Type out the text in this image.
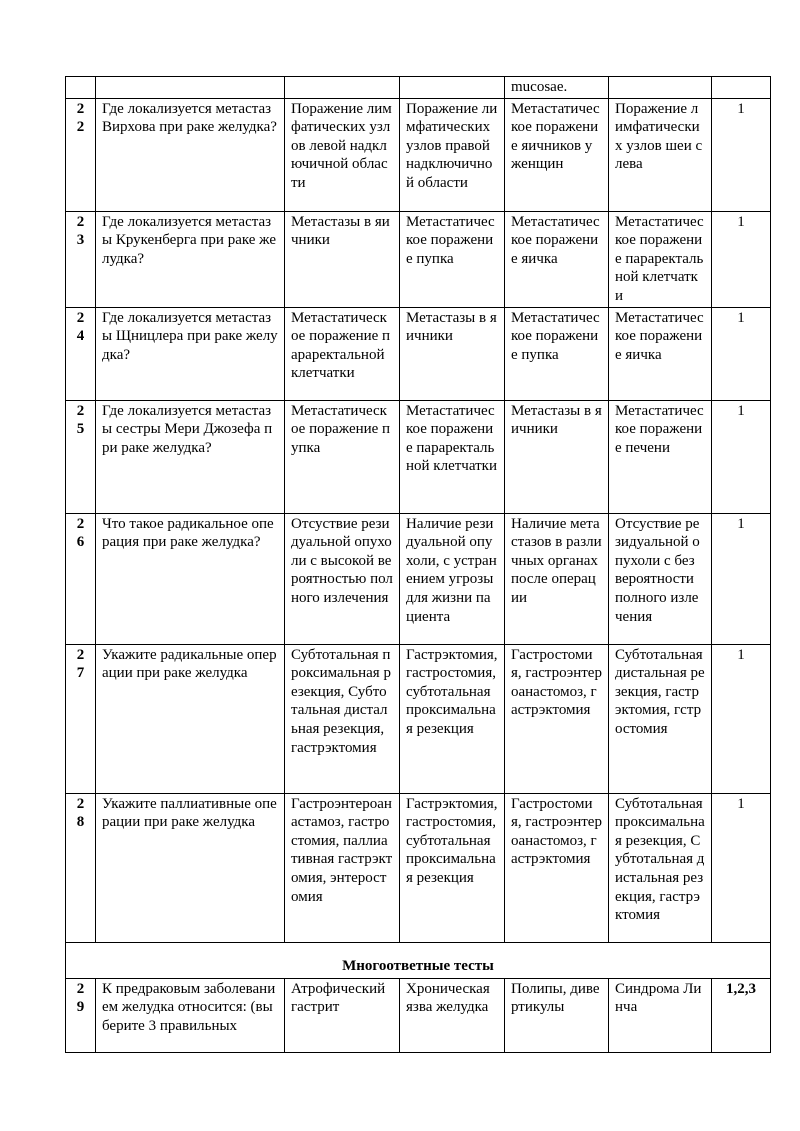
				mucosae.		

2
2	Где локализуется метастаз Вирхова при раке желудка?	Поражение лимфатических узлов левой надключичной области	Поражение лимфатических узлов правой надключичной области	Метастатическое поражение яичников у женщин	Поражение лимфатических узлов шеи слева	1

2
3	Где локализуется метастазы Крукенберга при раке желудка?	Метастазы в яичники	Метастатическое поражение пупка	Метастатическое поражение яичка	Метастатическое поражение параректальной клетчатки	1

2
4	Где локализуется метастазы Щницлера при раке желудка?	Метастатическое поражение параректальной клетчатки	Метастазы в яичники	Метастатическое поражение пупка	Метастатическое поражение яичка	1

2
5	Где локализуется метастазы сестры Мери Джозефа при раке желудка?	Метастатическое поражение пупка	Метастатическое поражение параректальной клетчатки	Метастазы в яичники	Метастатическое поражение печени	1

2
6	Что такое радикальное операция при раке желудка?	Отсуствие резидуальной опухоли с высокой вероятностью полного излечения	Наличие резидуальной опухоли, с устранением угрозы для жизни пациента	Наличие метастазов в различных органах после операции	Отсуствие резидуальной опухоли с без вероятности полного излечения	1

2
7	Укажите радикальные операции при раке желудка	Субтотальная проксимальная резекция, Субтотальная дистальная резекция, гастрэктомия	Гастрэктомия, гастростомия, субтотальная проксимальная резекция	Гастростомия, гастроэнтероанастомоз, гастрэктомия	Субтотальная дистальная резекция, гастрэктомия, гстростомия	1

2
8	Укажите паллиативные операции при раке желудка	Гастроэнтероанастамоз, гастростомия, паллиативная гастрэктомия, энтеростомия	Гастрэктомия, гастростомия, субтотальная проксимальная резекция	Гастростомия, гастроэнтероанастомоз, гастрэктомия	Субтотальная проксимальная резекция, Субтотальная дистальная резекция, гастрэктомия	1
Многоответные тесты						

2
9	К предраковым заболеванием желудка относится: (выберите 3 правильных	Атрофический гастрит	Хроническая язва желудка	Полипы, дивертикулы	Синдрома Линча	1,2,3
